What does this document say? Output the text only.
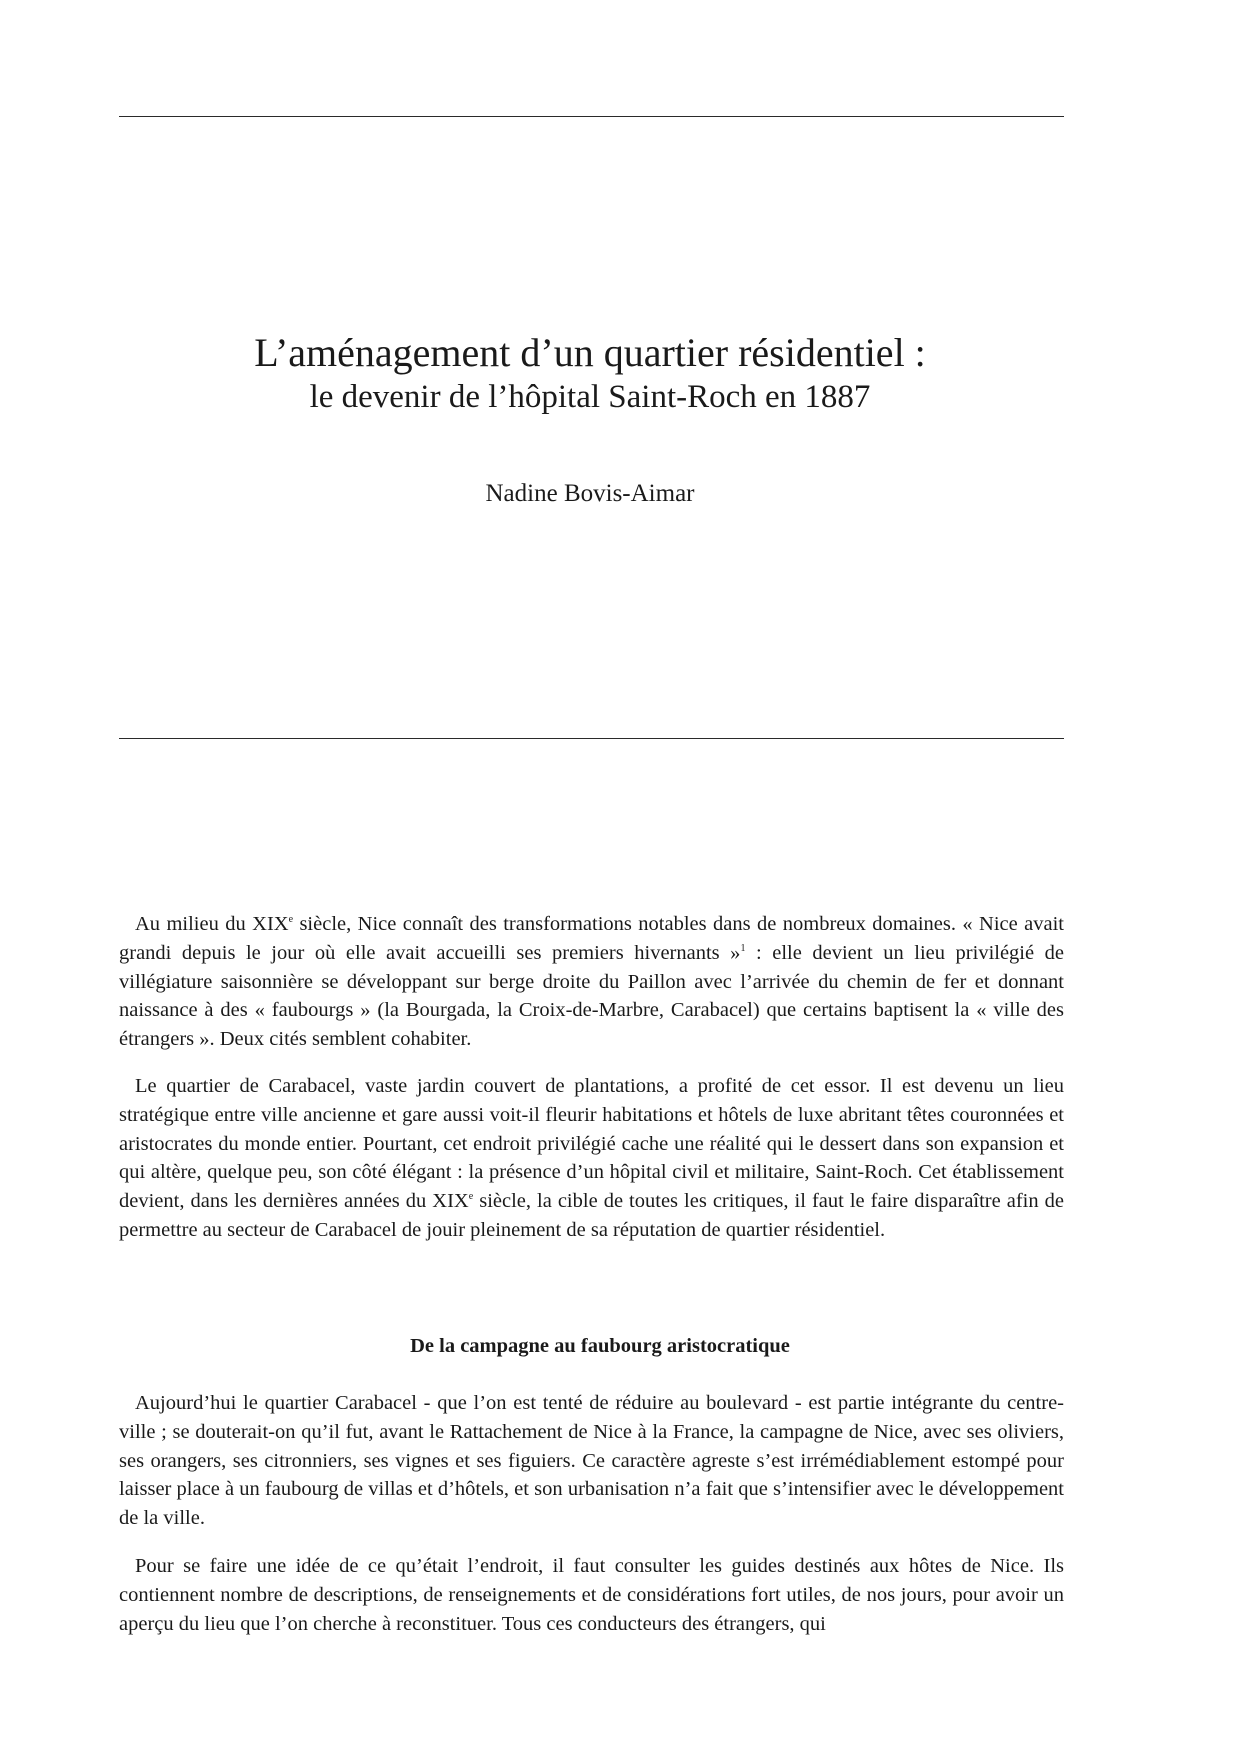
L’aménagement d’un quartier résidentiel :
le devenir de l’hôpital Saint-Roch en 1887

Nadine Bovis-Aimar

Au milieu du XIXe siècle, Nice connaît des transformations notables dans de nombreux domaines. « Nice avait grandi depuis le jour où elle avait accueilli ses premiers hivernants »$^1$ : elle devient un lieu privilégié de villégiature saisonnière se développant sur berge droite du Paillon avec l’arrivée du chemin de fer et donnant naissance à des « faubourgs » (la Bourgada, la Croix-de-Marbre, Carabacel) que certains baptisent la « ville des étrangers ». Deux cités semblent cohabiter.

Le quartier de Carabacel, vaste jardin couvert de plantations, a profité de cet essor. Il est devenu un lieu stratégique entre ville ancienne et gare aussi voit-il fleurir habitations et hôtels de luxe abritant têtes couronnées et aristocrates du monde entier. Pourtant, cet endroit privilégié cache une réalité qui le dessert dans son expansion et qui altère, quelque peu, son côté élégant : la présence d’un hôpital civil et militaire, Saint-Roch. Cet établissement devient, dans les dernières années du XIXe siècle, la cible de toutes les critiques, il faut le faire disparaître afin de permettre au secteur de Carabacel de jouir pleinement de sa réputation de quartier résidentiel.

De la campagne au faubourg aristocratique

Aujourd’hui le quartier Carabacel - que l’on est tenté de réduire au boulevard - est partie intégrante du centre-ville ; se douterait-on qu’il fut, avant le Rattachement de Nice à la France, la campagne de Nice, avec ses oliviers, ses orangers, ses citronniers, ses vignes et ses figuiers. Ce caractère agreste s’est irrémédiablement estompé pour laisser place à un faubourg de villas et d’hôtels, et son urbanisation n’a fait que s’intensifier avec le développement de la ville.

Pour se faire une idée de ce qu’était l’endroit, il faut consulter les guides destinés aux hôtes de Nice. Ils contiennent nombre de descriptions, de renseignements et de considérations fort utiles, de nos jours, pour avoir un aperçu du lieu que l’on cherche à reconstituer. Tous ces conducteurs des étrangers, qui
